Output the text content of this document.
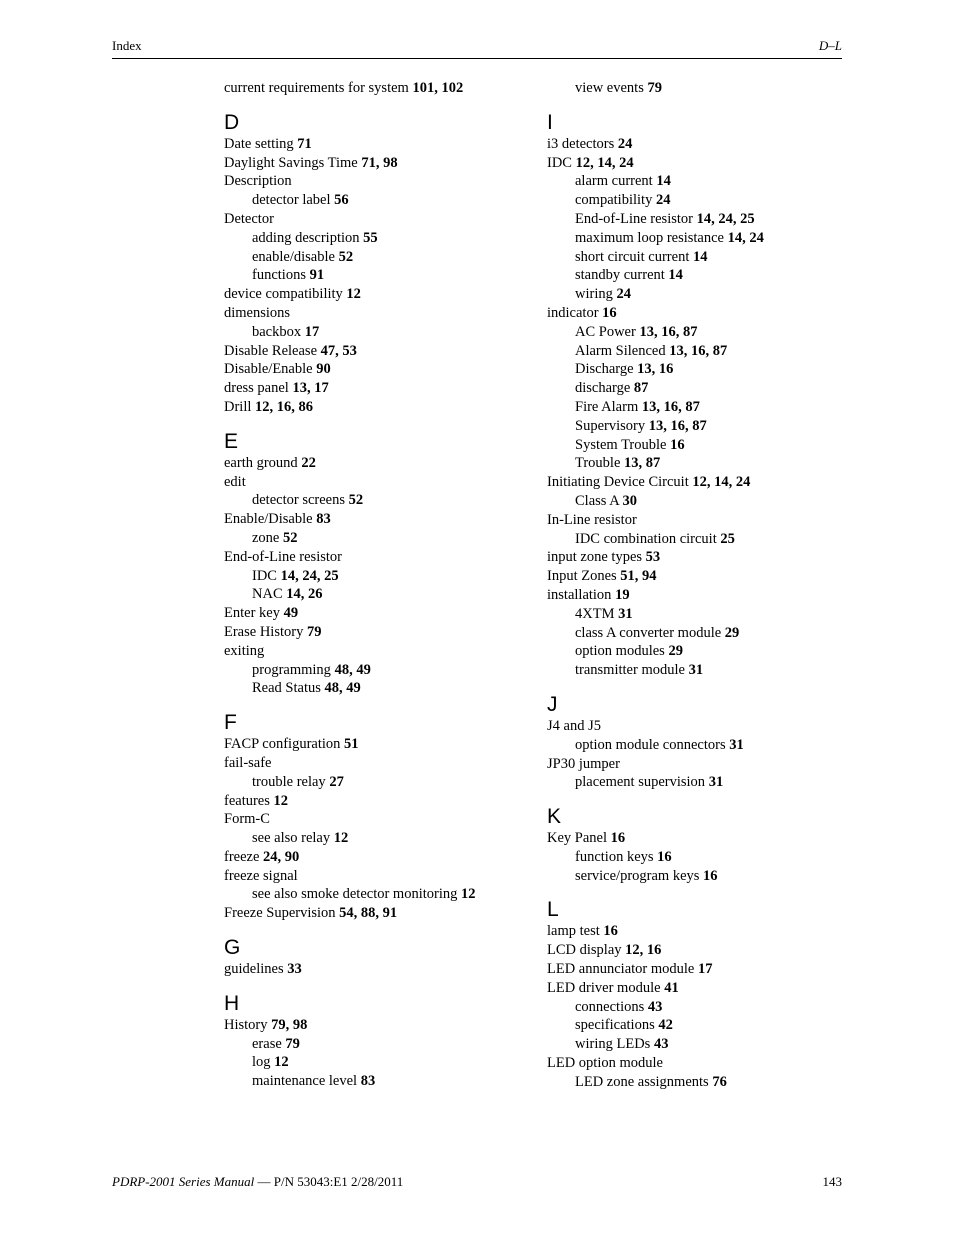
Index	D–L
current requirements for system 101, 102
D
Date setting 71
Daylight Savings Time 71, 98
Description
detector label 56
Detector
adding description 55
enable/disable 52
functions 91
device compatibility 12
dimensions
backbox 17
Disable Release 47, 53
Disable/Enable 90
dress panel 13, 17
Drill 12, 16, 86
E
earth ground 22
edit
detector screens 52
Enable/Disable 83
zone 52
End-of-Line resistor
IDC 14, 24, 25
NAC 14, 26
Enter key 49
Erase History 79
exiting
programming 48, 49
Read Status 48, 49
F
FACP configuration 51
fail-safe
trouble relay 27
features 12
Form-C
see also relay 12
freeze 24, 90
freeze signal
see also smoke detector monitoring 12
Freeze Supervision 54, 88, 91
G
guidelines 33
H
History 79, 98
erase 79
log 12
maintenance level 83
view events 79
I
i3 detectors 24
IDC 12, 14, 24
alarm current 14
compatibility 24
End-of-Line resistor 14, 24, 25
maximum loop resistance 14, 24
short circuit current 14
standby current 14
wiring 24
indicator 16
AC Power 13, 16, 87
Alarm Silenced 13, 16, 87
Discharge 13, 16
discharge 87
Fire Alarm 13, 16, 87
Supervisory 13, 16, 87
System Trouble 16
Trouble 13, 87
Initiating Device Circuit 12, 14, 24
Class A 30
In-Line resistor
IDC combination circuit 25
input zone types 53
Input Zones 51, 94
installation 19
4XTM 31
class A converter module 29
option modules 29
transmitter module 31
J
J4 and J5
option module connectors 31
JP30 jumper
placement supervision 31
K
Key Panel 16
function keys 16
service/program keys 16
L
lamp test 16
LCD display 12, 16
LED annunciator module 17
LED driver module 41
connections 43
specifications 42
wiring LEDs 43
LED option module
LED zone assignments 76
PDRP-2001 Series Manual — P/N 53043:E1 2/28/2011	143
